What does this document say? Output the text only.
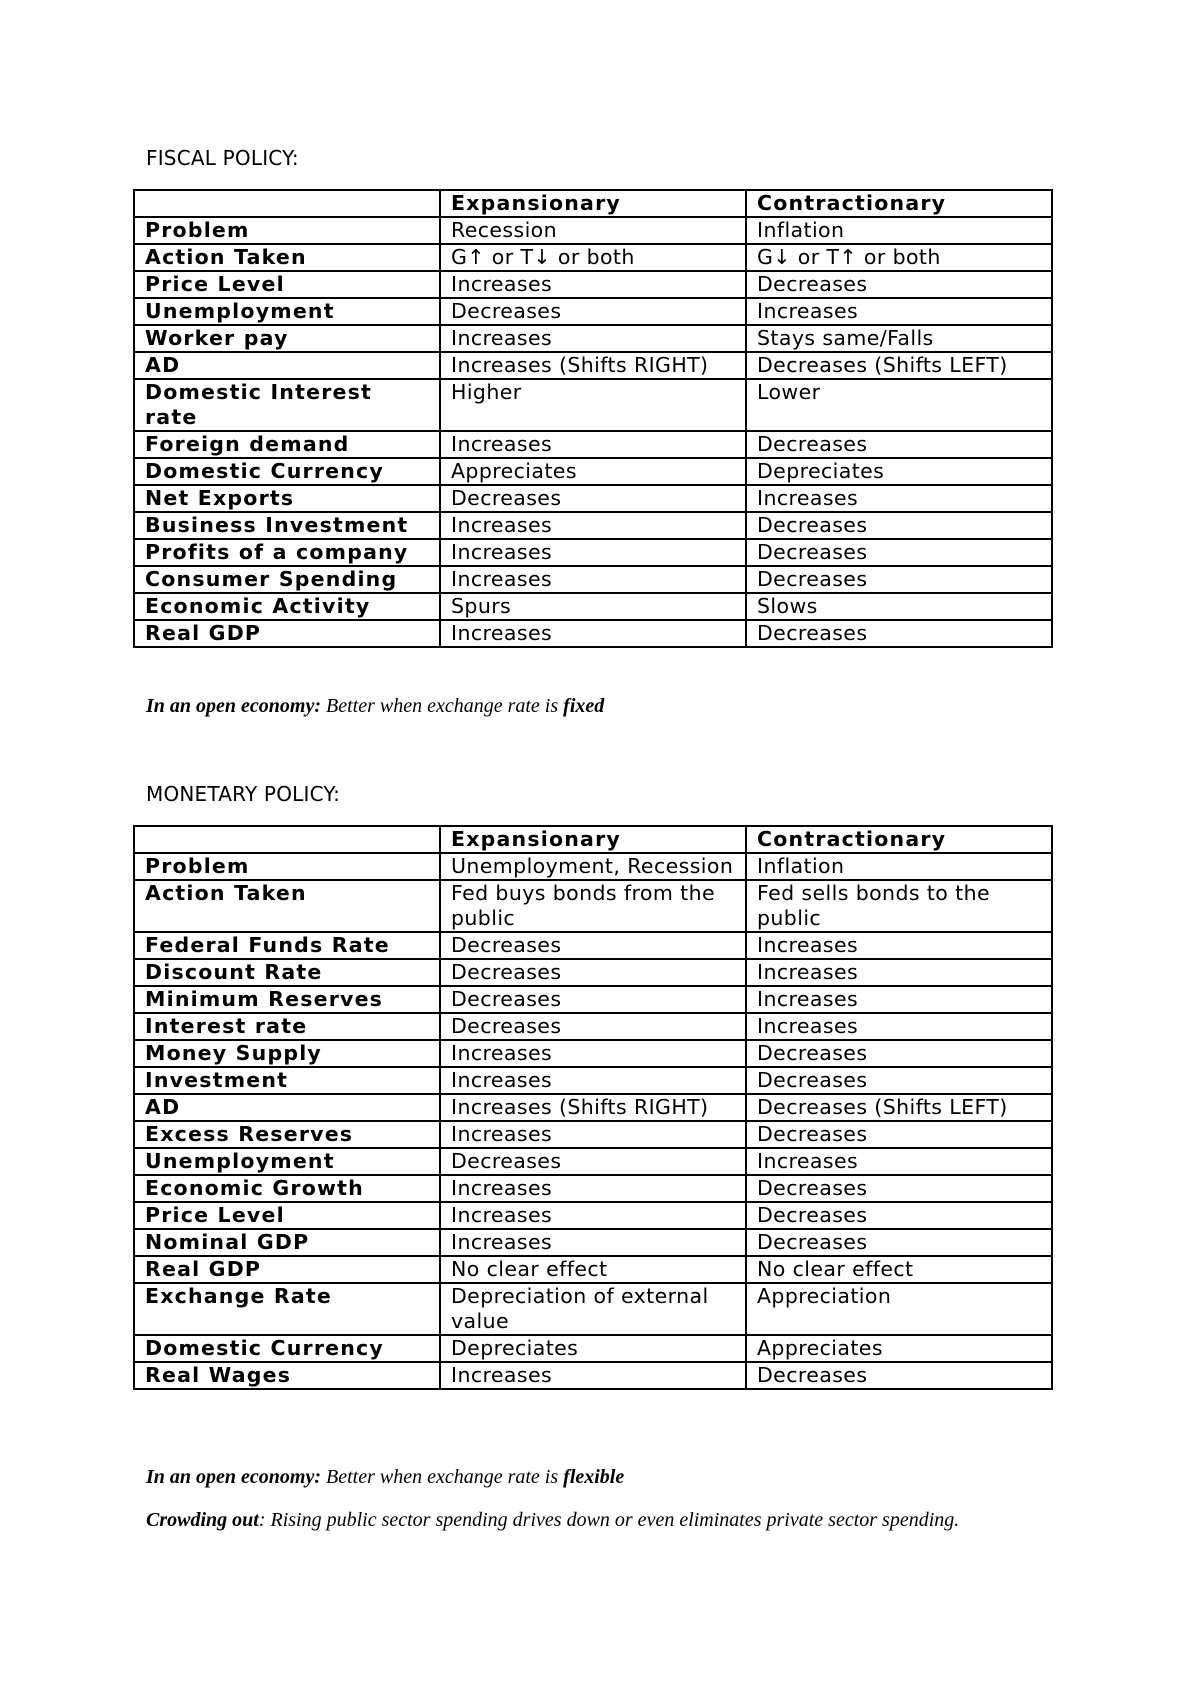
FISCAL POLICY:
	Expansionary	Contractionary
Problem	Recession	Inflation
Action Taken	G↑ or T↓ or both	G↓ or T↑ or both
Price Level	Increases	Decreases
Unemployment	Decreases	Increases
Worker pay	Increases	Stays same/Falls
AD	Increases (Shifts RIGHT)	Decreases (Shifts LEFT)
Domestic Interest rate	Higher	Lower
Foreign demand	Increases	Decreases
Domestic Currency	Appreciates	Depreciates
Net Exports	Decreases	Increases
Business Investment	Increases	Decreases
Profits of a company	Increases	Decreases
Consumer Spending	Increases	Decreases
Economic Activity	Spurs	Slows
Real GDP	Increases	Decreases
In an open economy: Better when exchange rate is fixed
MONETARY POLICY:
	Expansionary	Contractionary
Problem	Unemployment, Recession	Inflation
Action Taken	Fed buys bonds from the public	Fed sells bonds to the public
Federal Funds Rate	Decreases	Increases
Discount Rate	Decreases	Increases
Minimum Reserves	Decreases	Increases
Interest rate	Decreases	Increases
Money Supply	Increases	Decreases
Investment	Increases	Decreases
AD	Increases (Shifts RIGHT)	Decreases (Shifts LEFT)
Excess Reserves	Increases	Decreases
Unemployment	Decreases	Increases
Economic Growth	Increases	Decreases
Price Level	Increases	Decreases
Nominal GDP	Increases	Decreases
Real GDP	No clear effect	No clear effect
Exchange Rate	Depreciation of external value	Appreciation
Domestic Currency	Depreciates	Appreciates
Real Wages	Increases	Decreases
In an open economy: Better when exchange rate is flexible
Crowding out: Rising public sector spending drives down or even eliminates private sector spending.
